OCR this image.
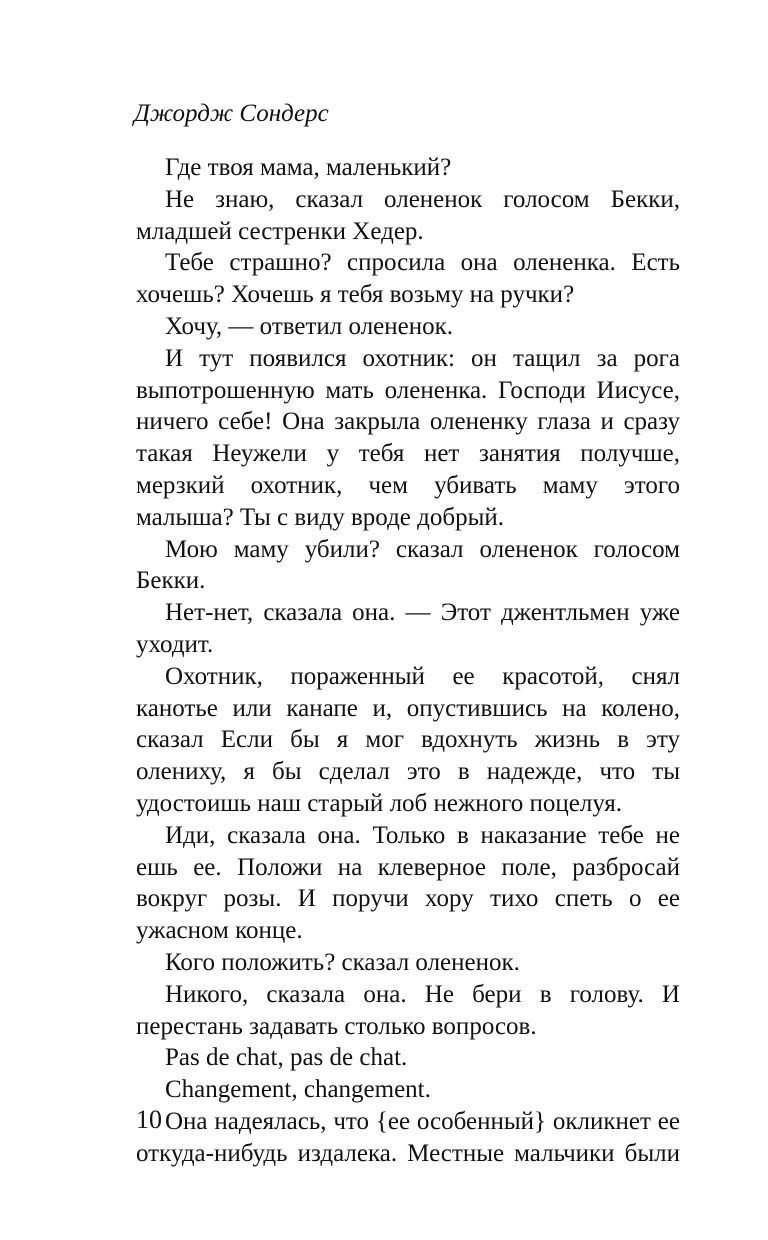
Джордж Сондерс

Где твоя мама, маленький?

Не знаю, сказал олененок голосом Бекки, младшей сестренки Хедер.

Тебе страшно? спросила она олененка. Есть хочешь? Хочешь я тебя возьму на ручки?

Хочу, — ответил олененок.

И тут появился охотник: он тащил за рога выпотрошенную мать олененка. Господи Иисусе, ничего себе! Она закрыла олененку глаза и сразу такая Неужели у тебя нет занятия получше, мерзкий охотник, чем убивать маму этого малыша? Ты с виду вроде добрый.

Мою маму убили? сказал олененок голосом Бекки.

Нет-нет, сказала она. — Этот джентльмен уже уходит.

Охотник, пораженный ее красотой, снял канотье или канапе и, опустившись на колено, сказал Если бы я мог вдохнуть жизнь в эту олениху, я бы сделал это в надежде, что ты удостоишь наш старый лоб нежного поцелуя.

Иди, сказала она. Только в наказание тебе не ешь ее. Положи на клеверное поле, разбросай вокруг розы. И поручи хору тихо спеть о ее ужасном конце.

Кого положить? сказал олененок.

Никого, сказала она. Не бери в голову. И перестань задавать столько вопросов.

Pas de chat, pas de chat.

Changement, changement.

Она надеялась, что {ее особенный} окликнет ее откуда-нибудь издалека. Местные мальчики были

10
